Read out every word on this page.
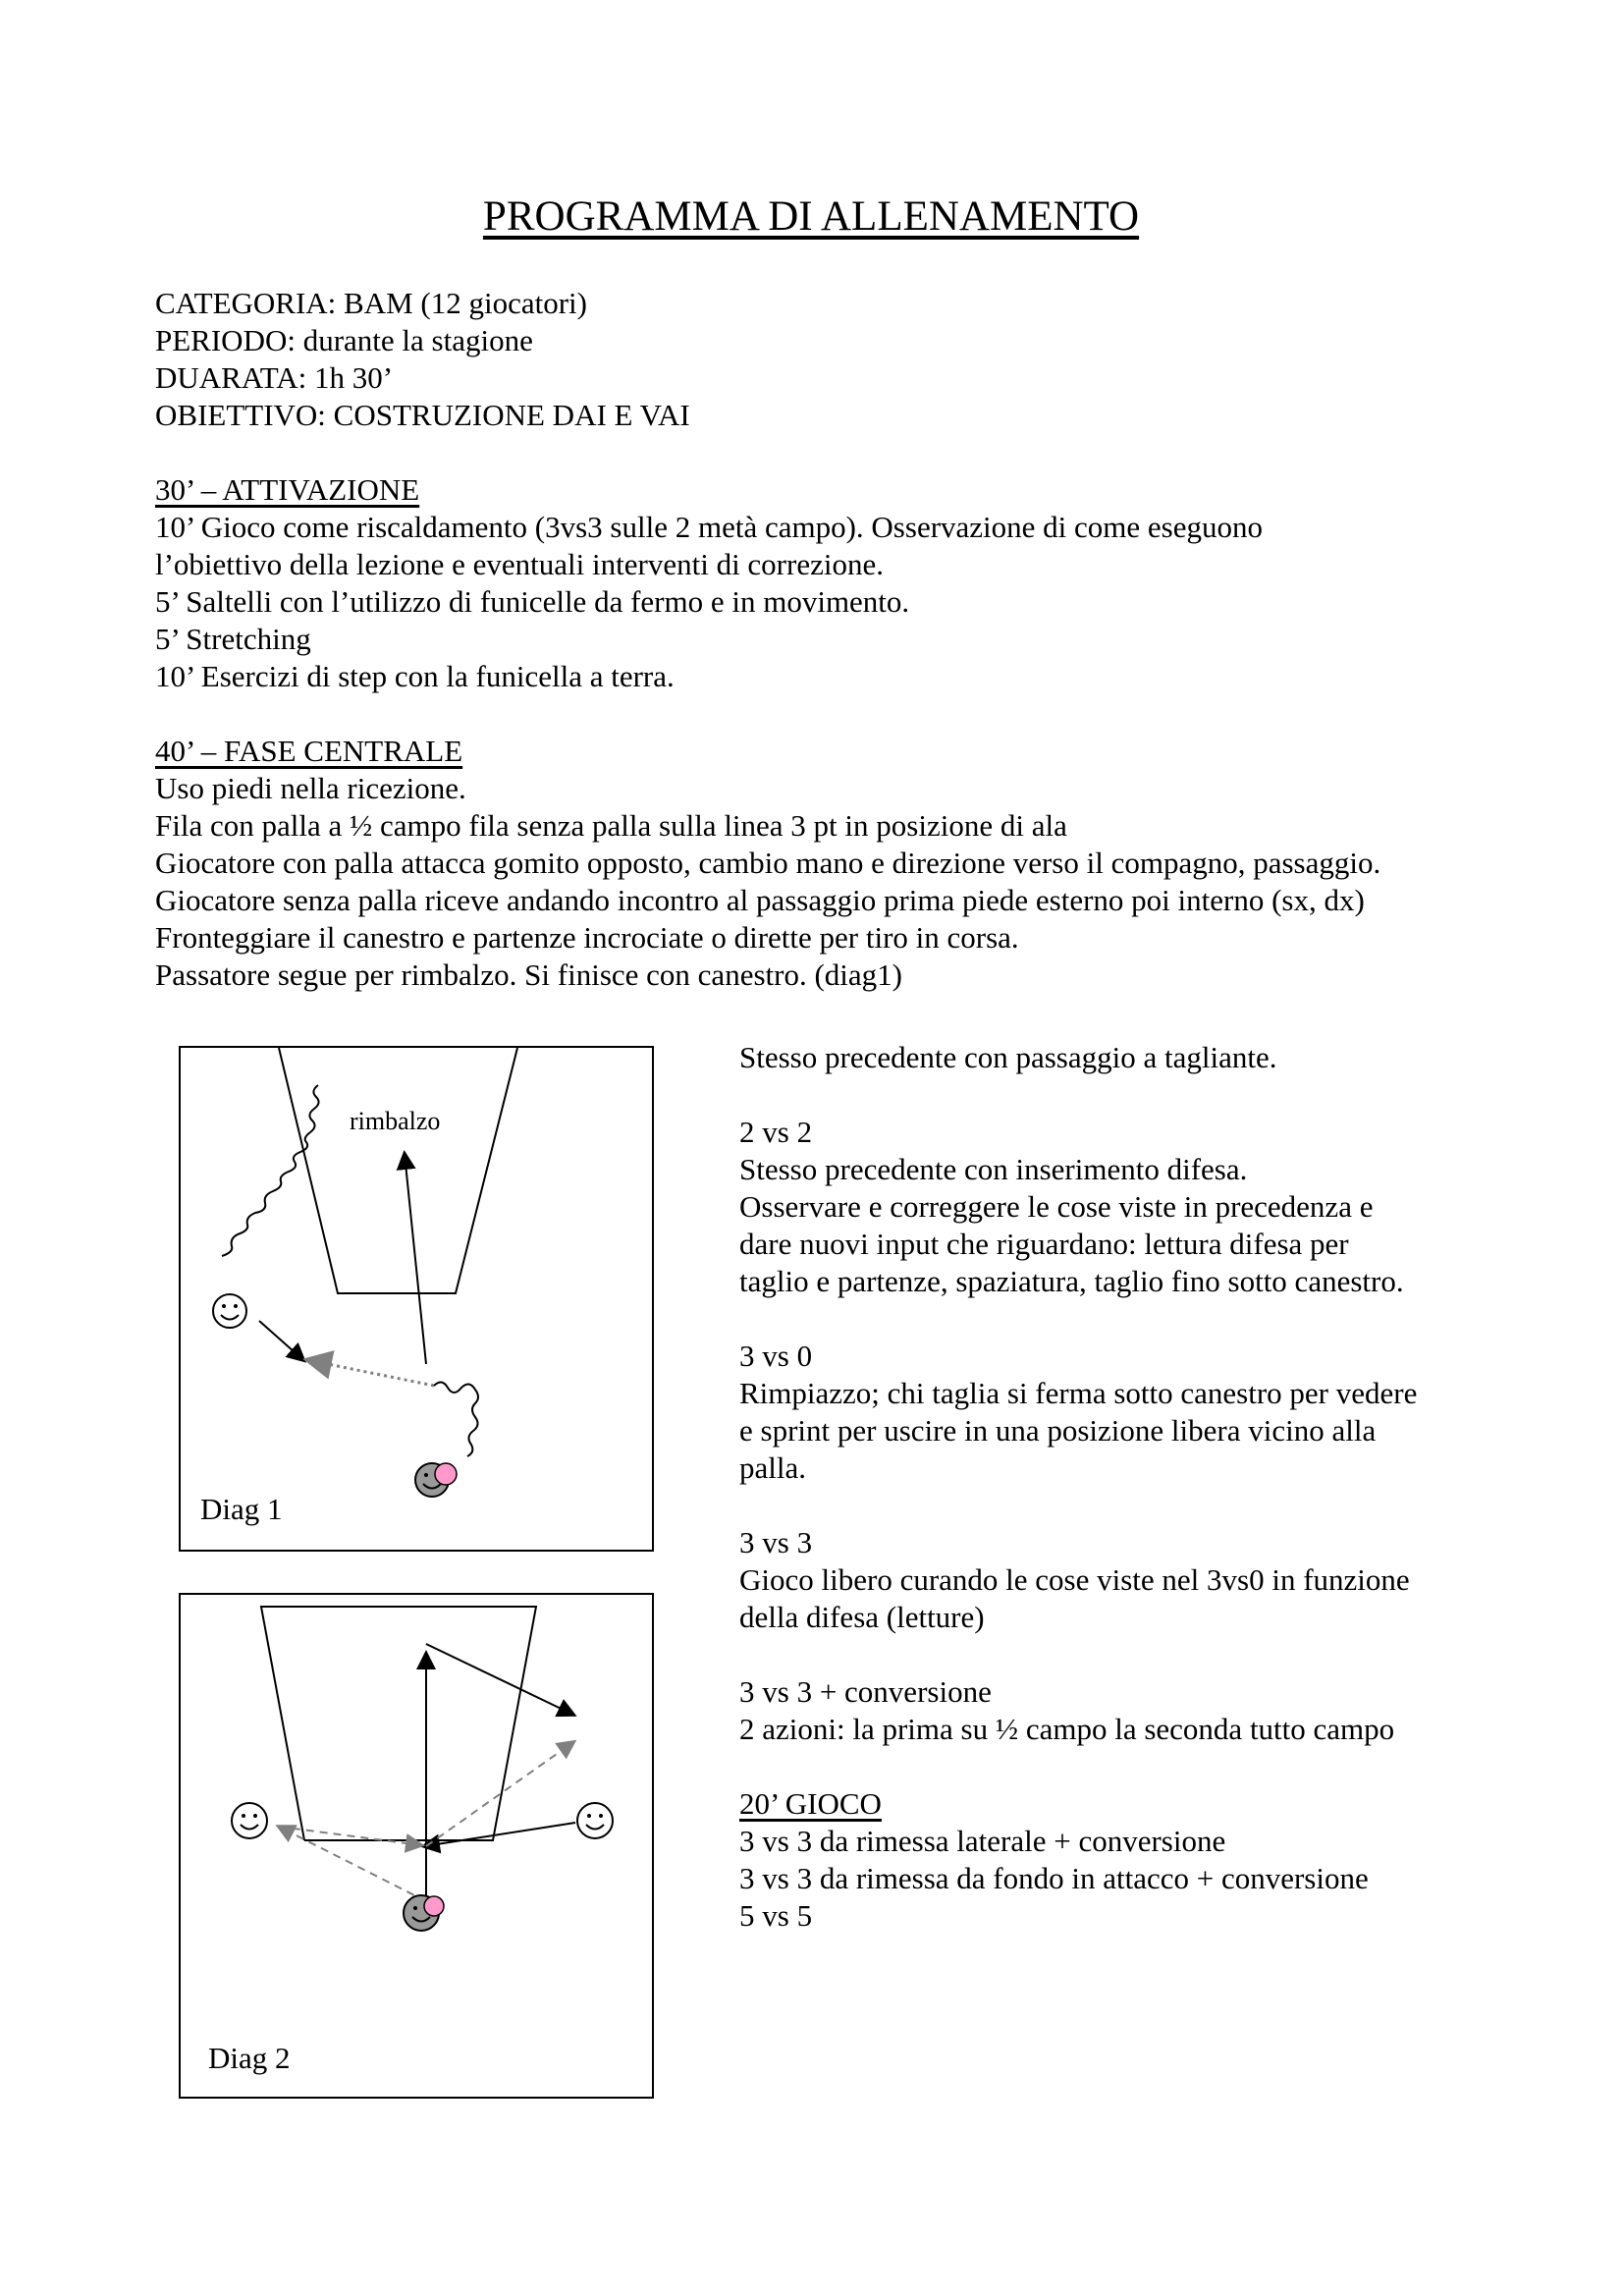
PROGRAMMA DI ALLENAMENTO
CATEGORIA: BAM (12 giocatori)
PERIODO: durante la stagione
DUARATA: 1h 30’
OBIETTIVO: COSTRUZIONE DAI E VAI
30’ – ATTIVAZIONE
10’ Gioco come riscaldamento (3vs3 sulle 2 metà campo). Osservazione di come eseguono
l’obiettivo della lezione e eventuali interventi di correzione.
5’ Saltelli con l’utilizzo di funicelle da fermo e in movimento.
5’ Stretching
10’ Esercizi di step con la funicella a terra.
40’ – FASE CENTRALE
Uso piedi nella ricezione.
Fila con palla a ½ campo fila senza palla sulla linea 3 pt in posizione di ala
Giocatore con palla attacca gomito opposto, cambio mano e direzione verso il compagno, passaggio.
Giocatore senza palla riceve andando incontro al passaggio prima piede esterno poi interno (sx, dx)
Fronteggiare il canestro e partenze incrociate o dirette per tiro in corsa.
Passatore segue per rimbalzo. Si finisce con canestro. (diag1)
Stesso precedente con passaggio a tagliante.
2 vs 2
Stesso precedente con inserimento difesa.
Osservare e correggere le cose viste in precedenza e
dare nuovi input che riguardano: lettura difesa per
taglio e partenze, spaziatura, taglio fino sotto canestro.
3 vs 0
Rimpiazzo; chi taglia si ferma sotto canestro per vedere
e sprint per uscire in una posizione libera vicino alla
palla.
3 vs 3
Gioco libero curando le cose viste nel 3vs0 in funzione
della difesa (letture)
3 vs 3 + conversione
2 azioni: la prima su ½ campo la seconda tutto campo
20’ GIOCO
3 vs 3 da rimessa laterale + conversione
3 vs 3 da rimessa da fondo in attacco + conversione
5 vs 5
rimbalzo
Diag 1
Diag 2
